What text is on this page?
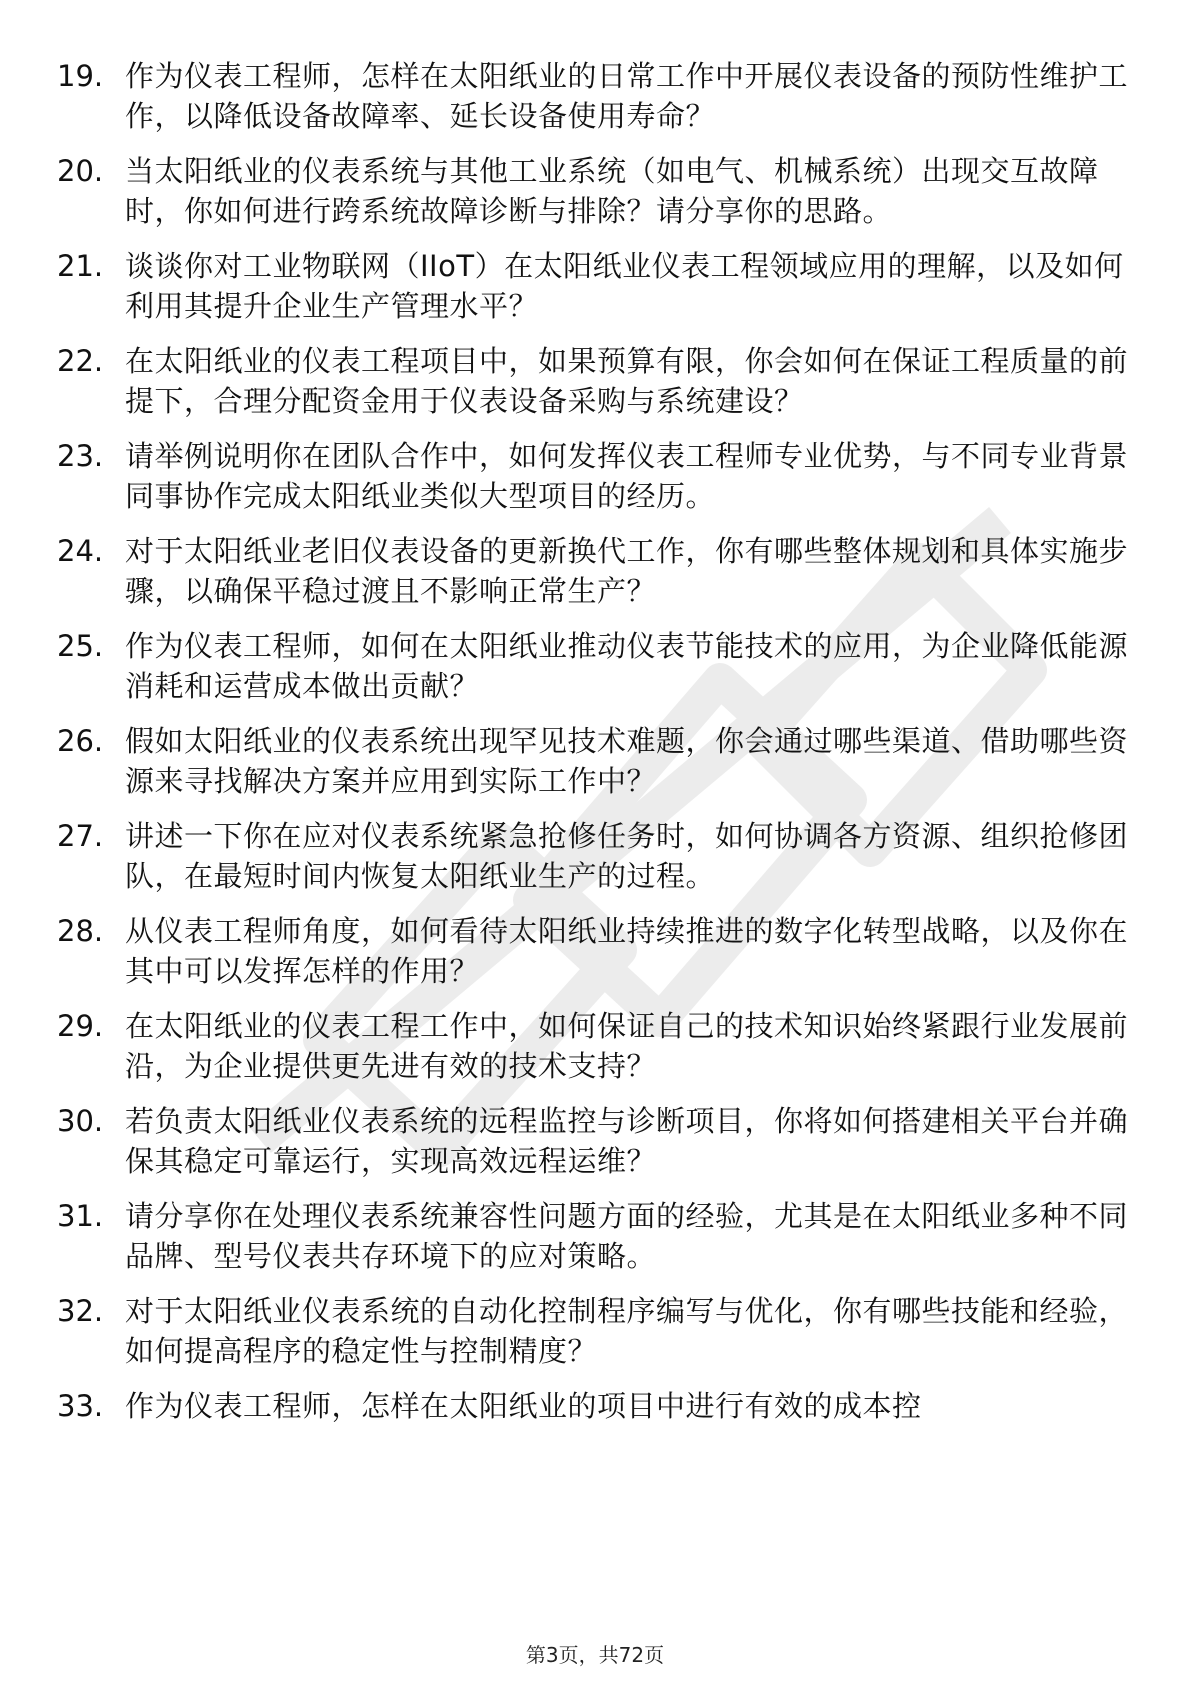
19. 作为仪表工程师，怎样在太阳纸业的日常工作中开展仪表设备的预防性维护工作，以降低设备故障率、延长设备使用寿命？
20. 当太阳纸业的仪表系统与其他工业系统（如电气、机械系统）出现交互故障时，你如何进行跨系统故障诊断与排除？请分享你的思路。
21. 谈谈你对工业物联网（IIoT）在太阳纸业仪表工程领域应用的理解，以及如何利用其提升企业生产管理水平？
22. 在太阳纸业的仪表工程项目中，如果预算有限，你会如何在保证工程质量的前提下，合理分配资金用于仪表设备采购与系统建设？
23. 请举例说明你在团队合作中，如何发挥仪表工程师专业优势，与不同专业背景同事协作完成太阳纸业类似大型项目的经历。
24. 对于太阳纸业老旧仪表设备的更新换代工作，你有哪些整体规划和具体实施步骤，以确保平稳过渡且不影响正常生产？
25. 作为仪表工程师，如何在太阳纸业推动仪表节能技术的应用，为企业降低能源消耗和运营成本做出贡献？
26. 假如太阳纸业的仪表系统出现罕见技术难题，你会通过哪些渠道、借助哪些资源来寻找解决方案并应用到实际工作中？
27. 讲述一下你在应对仪表系统紧急抢修任务时，如何协调各方资源、组织抢修团队，在最短时间内恢复太阳纸业生产的过程。
28. 从仪表工程师角度，如何看待太阳纸业持续推进的数字化转型战略，以及你在其中可以发挥怎样的作用？
29. 在太阳纸业的仪表工程工作中，如何保证自己的技术知识始终紧跟行业发展前沿，为企业提供更先进有效的技术支持？
30. 若负责太阳纸业仪表系统的远程监控与诊断项目，你将如何搭建相关平台并确保其稳定可靠运行，实现高效远程运维？
31. 请分享你在处理仪表系统兼容性问题方面的经验，尤其是在太阳纸业多种不同品牌、型号仪表共存环境下的应对策略。
32. 对于太阳纸业仪表系统的自动化控制程序编写与优化，你有哪些技能和经验，如何提高程序的稳定性与控制精度？
33. 作为仪表工程师，怎样在太阳纸业的项目中进行有效的成本控
第3页，共72页
